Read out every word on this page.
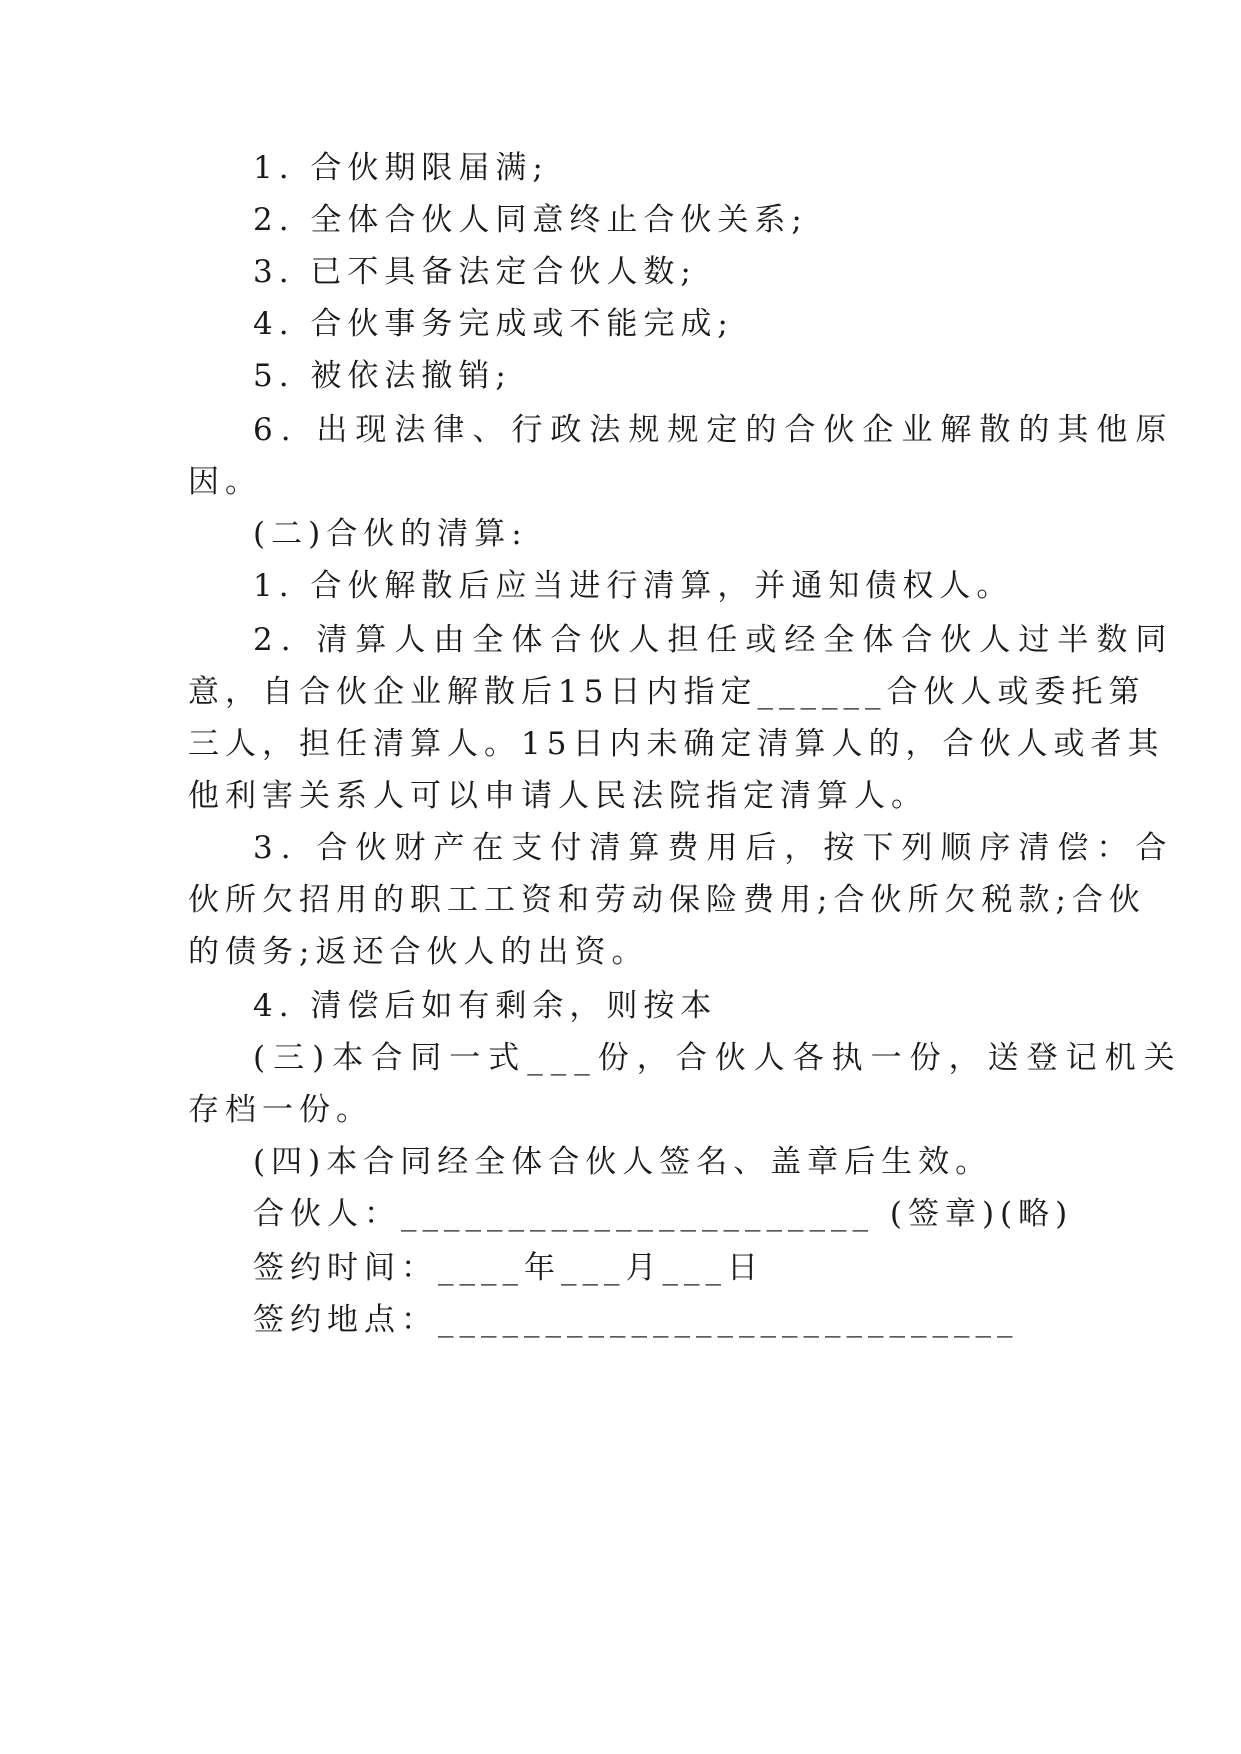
1. 合伙期限届满;
2. 全体合伙人同意终止合伙关系;
3. 已不具备法定合伙人数;
4. 合伙事务完成或不能完成;
5. 被依法撤销;
6. 出现法律、行政法规规定的合伙企业解散的其他原
因。
(二)合伙的清算:
1. 合伙解散后应当进行清算，并通知债权人。
2. 清算人由全体合伙人担任或经全体合伙人过半数同
意，自合伙企业解散后15日内指定______合伙人或委托第
三人，担任清算人。15日内未确定清算人的，合伙人或者其
他利害关系人可以申请人民法院指定清算人。
3. 合伙财产在支付清算费用后，按下列顺序清偿：合
伙所欠招用的职工工资和劳动保险费用;合伙所欠税款;合伙
的债务;返还合伙人的出资。
4. 清偿后如有剩余，则按本
(三)本合同一式___份，合伙人各执一份，送登记机关
存档一份。
(四)本合同经全体合伙人签名、盖章后生效。
合伙人：______________________ (签章)(略)
签约时间：____年___月___日
签约地点：___________________________
